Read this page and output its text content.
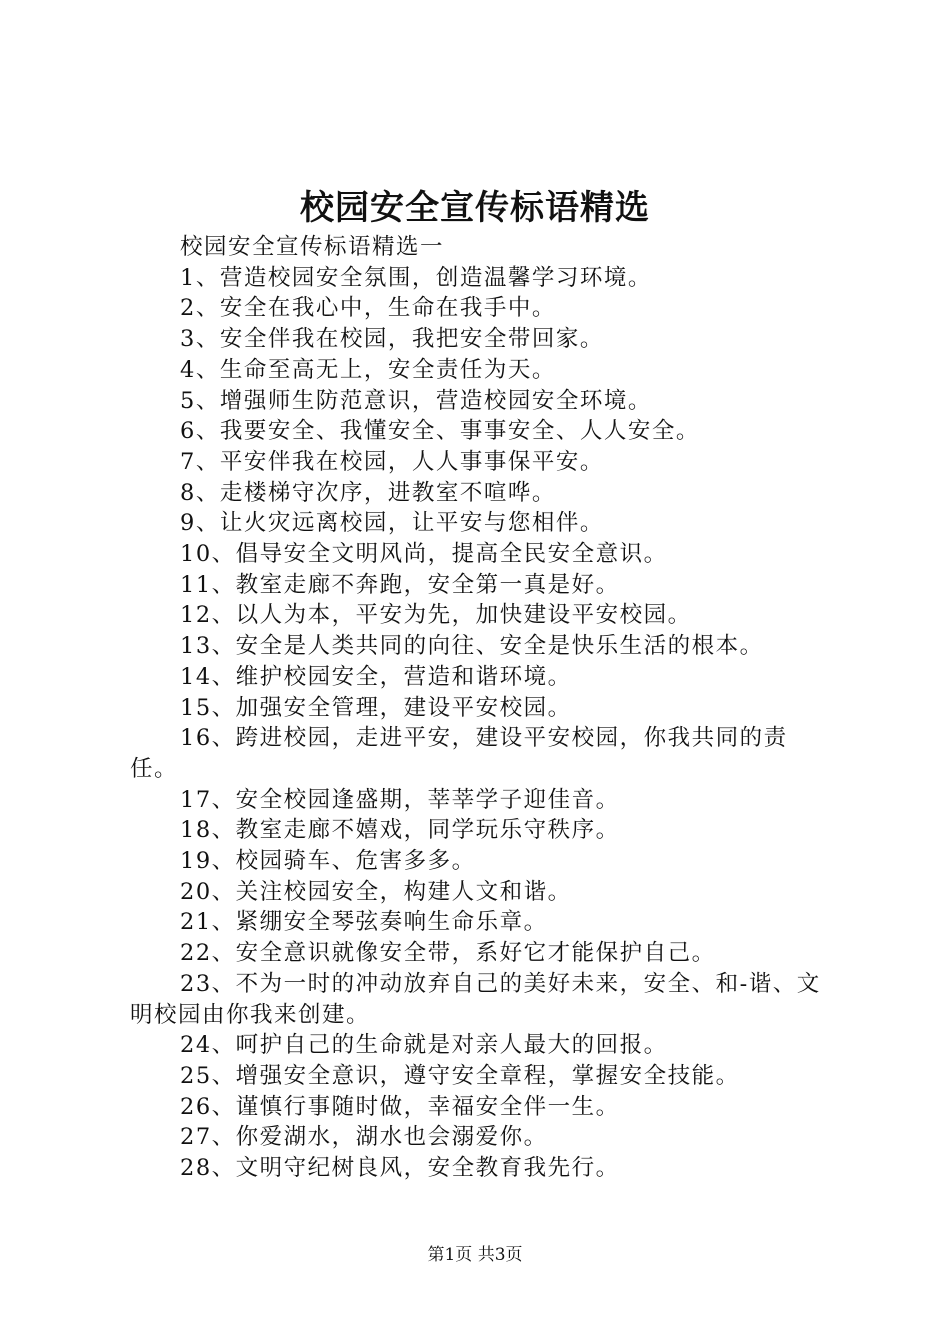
校园安全宣传标语精选

校园安全宣传标语精选一

1、营造校园安全氛围，创造温馨学习环境。

2、安全在我心中，生命在我手中。

3、安全伴我在校园，我把安全带回家。

4、生命至高无上，安全责任为天。

5、增强师生防范意识，营造校园安全环境。

6、我要安全、我懂安全、事事安全、人人安全。

7、平安伴我在校园，人人事事保平安。

8、走楼梯守次序，进教室不喧哗。

9、让火灾远离校园，让平安与您相伴。

10、倡导安全文明风尚，提高全民安全意识。

11、教室走廊不奔跑，安全第一真是好。

12、以人为本，平安为先，加快建设平安校园。

13、安全是人类共同的向往、安全是快乐生活的根本。

14、维护校园安全，营造和谐环境。

15、加强安全管理，建设平安校园。

16、跨进校园，走进平安，建设平安校园，你我共同的责任。

17、安全校园逢盛期，莘莘学子迎佳音。

18、教室走廊不嬉戏，同学玩乐守秩序。

19、校园骑车、危害多多。

20、关注校园安全，构建人文和谐。

21、紧绷安全琴弦奏响生命乐章。

22、安全意识就像安全带，系好它才能保护自己。

23、不为一时的冲动放弃自己的美好未来，安全、和-谐、文明校园由你我来创建。

24、呵护自己的生命就是对亲人最大的回报。

25、增强安全意识，遵守安全章程，掌握安全技能。

26、谨慎行事随时做，幸福安全伴一生。

27、你爱湖水，湖水也会溺爱你。

28、文明守纪树良风，安全教育我先行。

第1页 共3页
